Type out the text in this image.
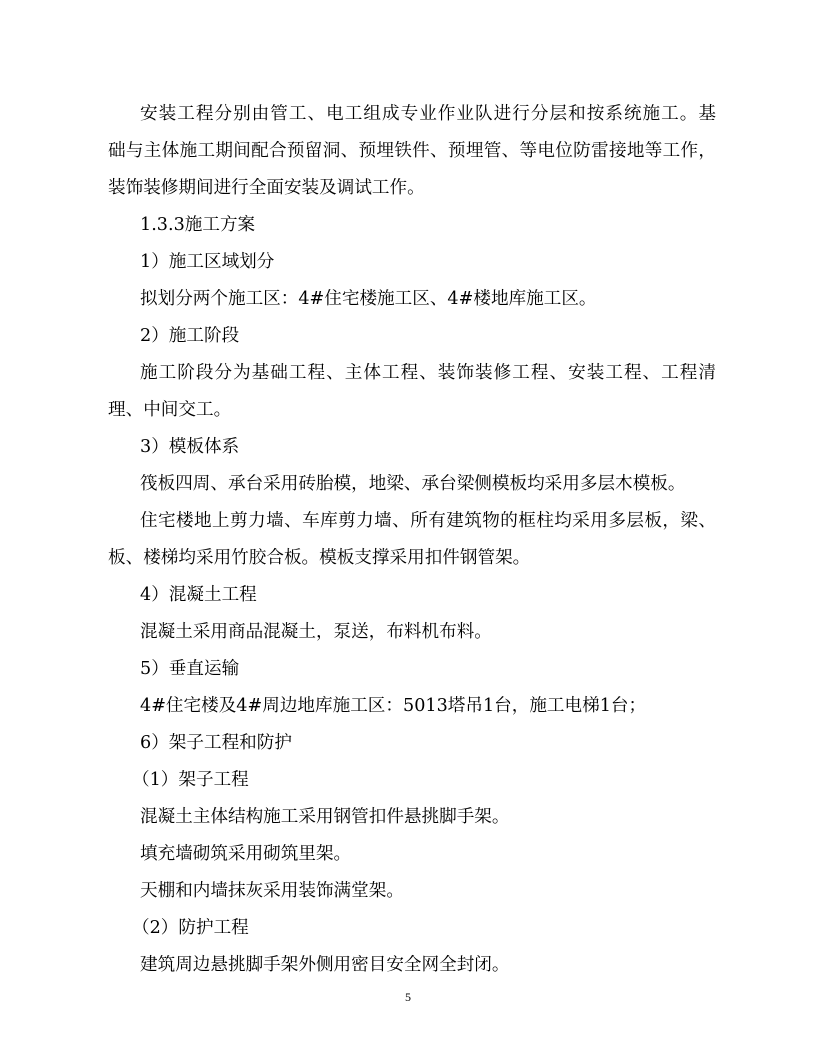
安装工程分别由管工、电工组成专业作业队进行分层和按系统施工。基
础与主体施工期间配合预留洞、预埋铁件、预埋管、等电位防雷接地等工作，
装饰装修期间进行全面安装及调试工作。
1.3.3施工方案
1）施工区域划分
拟划分两个施工区：4#住宅楼施工区、4#楼地库施工区。
2）施工阶段
施工阶段分为基础工程、主体工程、装饰装修工程、安装工程、工程清
理、中间交工。
3）模板体系
筏板四周、承台采用砖胎模，地梁、承台梁侧模板均采用多层木模板。
住宅楼地上剪力墙、车库剪力墙、所有建筑物的框柱均采用多层板，梁、
板、楼梯均采用竹胶合板。模板支撑采用扣件钢管架。
4）混凝土工程
混凝土采用商品混凝土，泵送，布料机布料。
5）垂直运输
4#住宅楼及4#周边地库施工区：5013塔吊1台，施工电梯1台；
6）架子工程和防护
（1）架子工程
混凝土主体结构施工采用钢管扣件悬挑脚手架。
填充墙砌筑采用砌筑里架。
天棚和内墙抹灰采用装饰满堂架。
（2）防护工程
建筑周边悬挑脚手架外侧用密目安全网全封闭。
5
